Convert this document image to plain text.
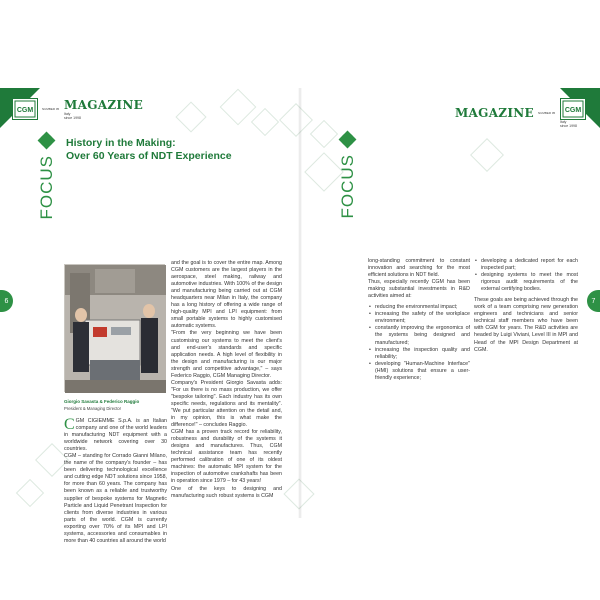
CGM	NUMBER 05 MAGAZINE
Italy
since 1998
FOCUS
History in the Making:
Over 60 Years of NDT Experience
Giorgio Savasta & Federico Raggio
President & Managing Director

CGM CIGIEMME S.p.A. is an Italian company and one of the world leaders in manufacturing NDT equipment with a worldwide network covering over 30 countries.

CGM – standing for Corrado Gianni Milano, the name of the company's founder – has been delivering technological excellence and cutting edge NDT solutions since 1958, for more than 60 years. The company has been known as a reliable and trustworthy supplier of bespoke systems for Magnetic Particle and Liquid Penetrant Inspection for clients from diverse industries in various parts of the world. CGM is currently exporting over 70% of its MPI and LPI systems, accessories and consumables in more than 40 countries all around the world

and the goal is to cover the entire map. Among CGM customers are the largest players in the aerospace, steel making, railway and automotive industries. With 100% of the design and manufacturing being carried out at CGM headquarters near Milan in Italy, the company has a long history of offering a wide range of high-quality MPI and LPI equipment: from small portable systems to highly customised automatic systems.

"From the very beginning we have been customising our systems to meet the client's and end-user's standards and specific application needs. A high level of flexibility in the design and manufacturing is our major strength and competitive advantage," – says Federico Raggio, CGM Managing Director.

Company's President Giorgio Savasta adds: "For us there is no mass production, we offer "bespoke tailoring". Each industry has its own specific needs, regulations and its mentality". "We put particular attention on the detail and, in my opinion, this is what make the difference!" – concludes Raggio.

CGM has a proven track record for reliability, robustness and durability of the systems it designs and manufactures. Thus, CGM technical assistance team has recently performed calibration of one of its oldest machines: the automatic MPI system for the inspection of automotive crankshafts has been in operation since 1979 – for 43 years!

One of the keys to designing and manufacturing such robust systems is CGM

6
MAGAZINE NUMBER 05 CGM
Italy
since 1998
FOCUS

long-standing commitment to constant innovation and searching for the most efficient solutions in NDT field.

Thus, especially recently CGM has been making substantial investments in R&D activities aimed at:

• reducing the environmental impact;
• increasing the safety of the workplace environment;
• constantly improving the ergonomics of the systems being designed and manufactured;
• increasing the inspection quality and reliability;
• developing "Human-Machine Interface" (HMI) solutions that ensure a user-friendly experience;
• developing a dedicated report for each inspected part;
• designing systems to meet the most rigorous audit requirements of the external certifying bodies.

These goals are being achieved through the work of a team comprising new generation engineers and technicians and senior technical staff members who have been with CGM for years. The R&D activities are headed by Luigi Viviani, Level III in MPI and Head of the MPI Design Department at CGM.

7
